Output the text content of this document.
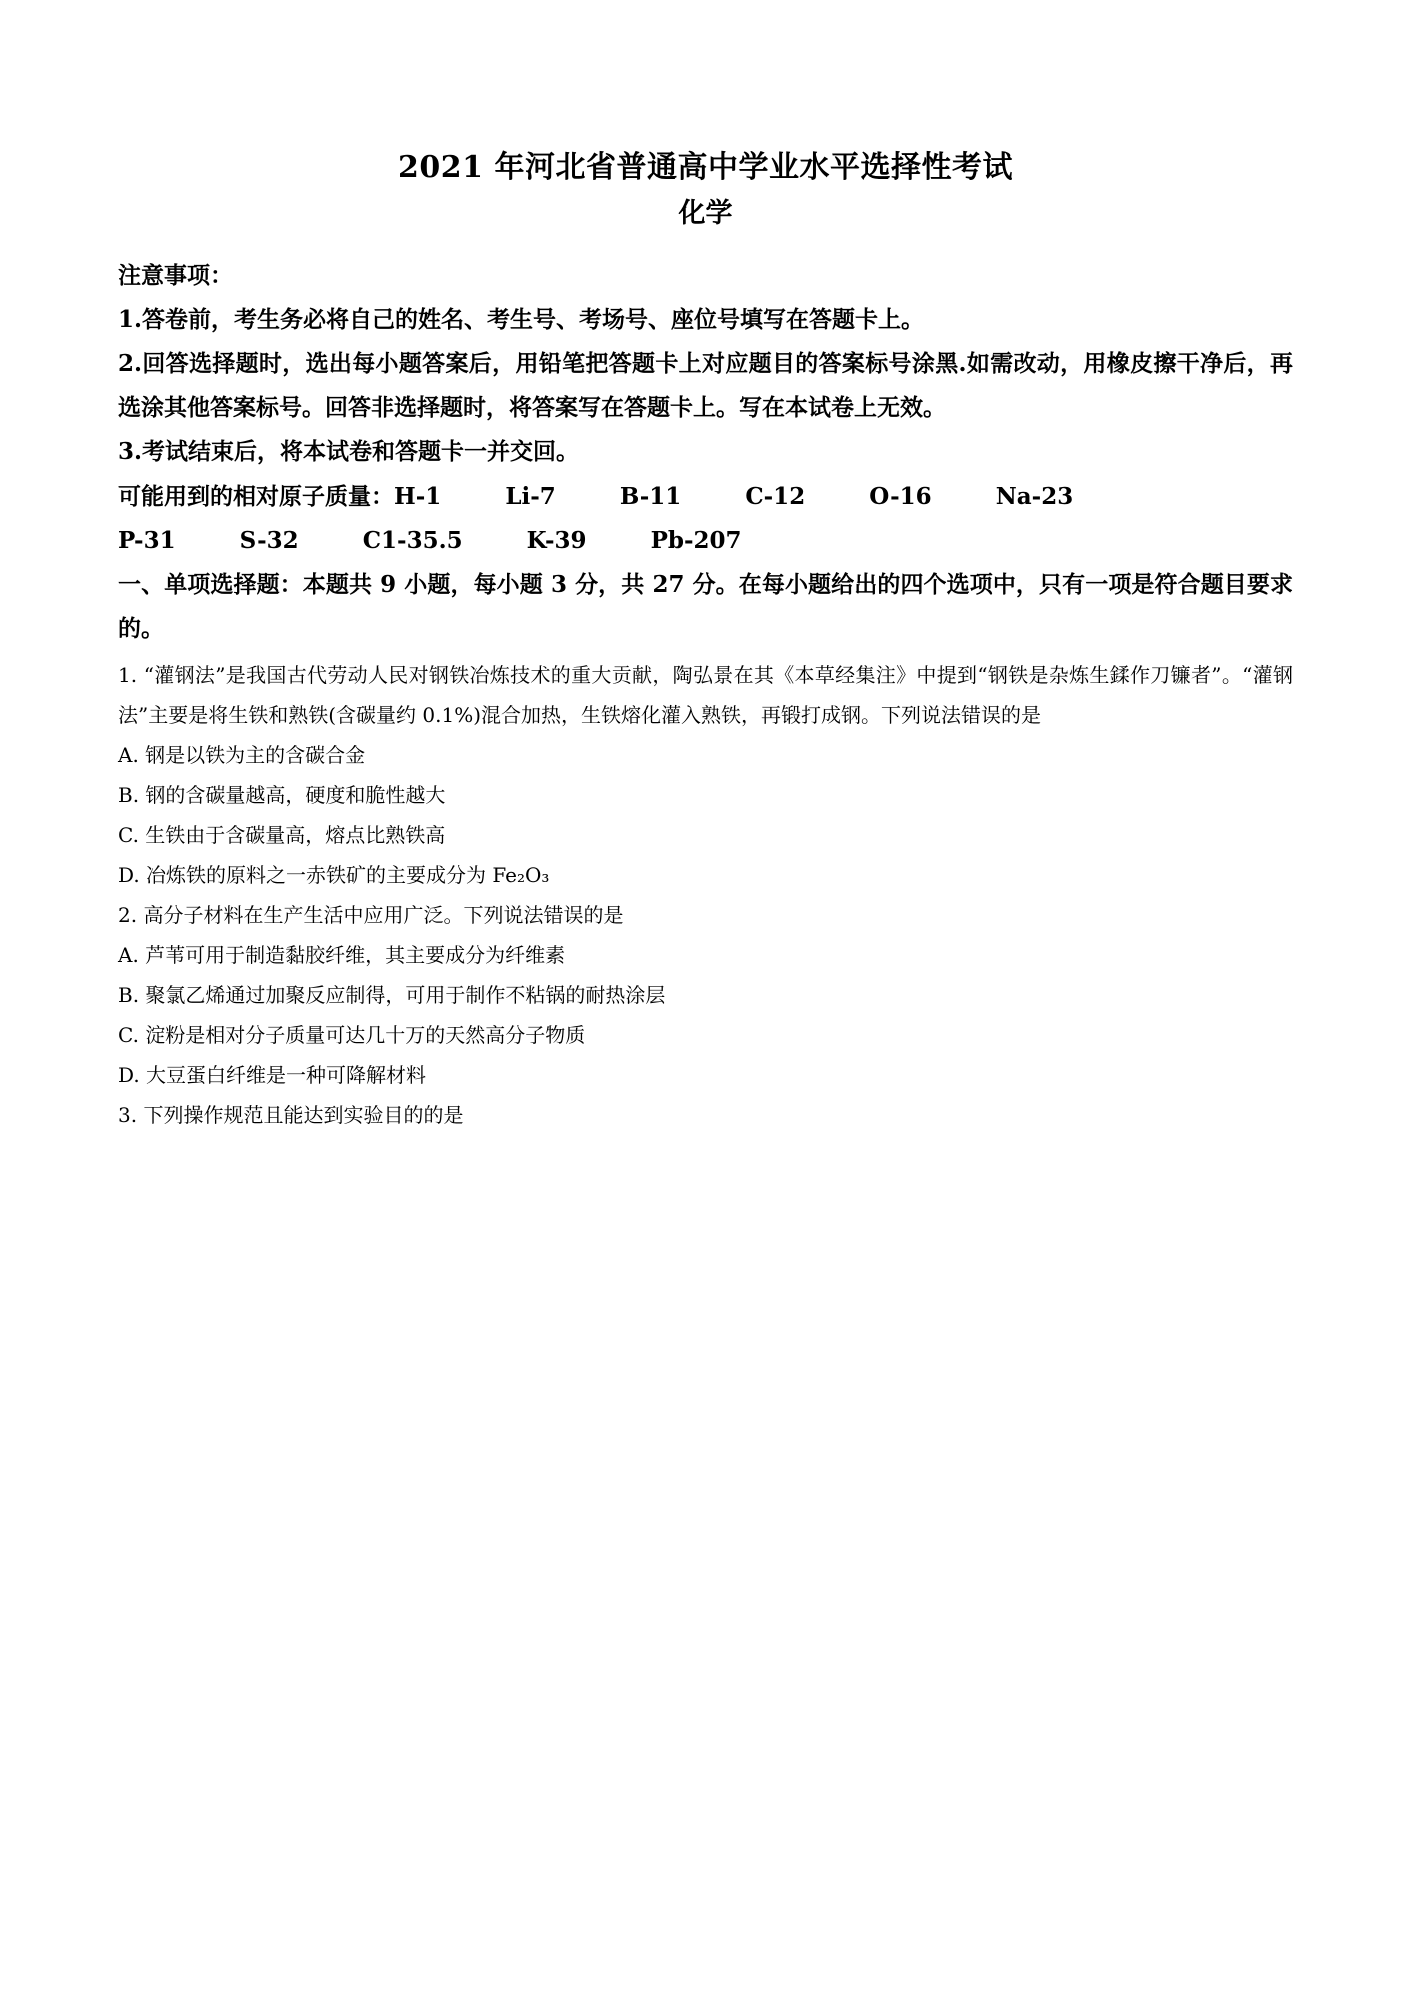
2021 年河北省普通高中学业水平选择性考试
化学

注意事项：

1.答卷前，考生务必将自己的姓名、考生号、考场号、座位号填写在答题卡上。

2.回答选择题时，选出每小题答案后，用铅笔把答题卡上对应题目的答案标号涂黑.如需改动，用橡皮擦干净后，再选涂其他答案标号。回答非选择题时，将答案写在答题卡上。写在本试卷上无效。

3.考试结束后，将本试卷和答题卡一并交回。

可能用到的相对原子质量：H-1        Li-7        B-11        C-12        O-16        Na-23

P-31        S-32        C1-35.5        K-39        Pb-207

一、单项选择题：本题共 9 小题，每小题 3 分，共 27 分。在每小题给出的四个选项中，只有一项是符合题目要求的。

1. “灌钢法”是我国古代劳动人民对钢铁冶炼技术的重大贡献，陶弘景在其《本草经集注》中提到“钢铁是杂炼生鍒作刀镰者”。“灌钢法”主要是将生铁和熟铁(含碳量约 0.1%)混合加热，生铁熔化灌入熟铁，再锻打成钢。下列说法错误的是

A. 钢是以铁为主的含碳合金

B. 钢的含碳量越高，硬度和脆性越大

C. 生铁由于含碳量高，熔点比熟铁高

D. 冶炼铁的原料之一赤铁矿的主要成分为 Fe₂O₃

2. 高分子材料在生产生活中应用广泛。下列说法错误的是

A. 芦苇可用于制造黏胶纤维，其主要成分为纤维素

B. 聚氯乙烯通过加聚反应制得，可用于制作不粘锅的耐热涂层

C. 淀粉是相对分子质量可达几十万的天然高分子物质

D. 大豆蛋白纤维是一种可降解材料

3. 下列操作规范且能达到实验目的的是
